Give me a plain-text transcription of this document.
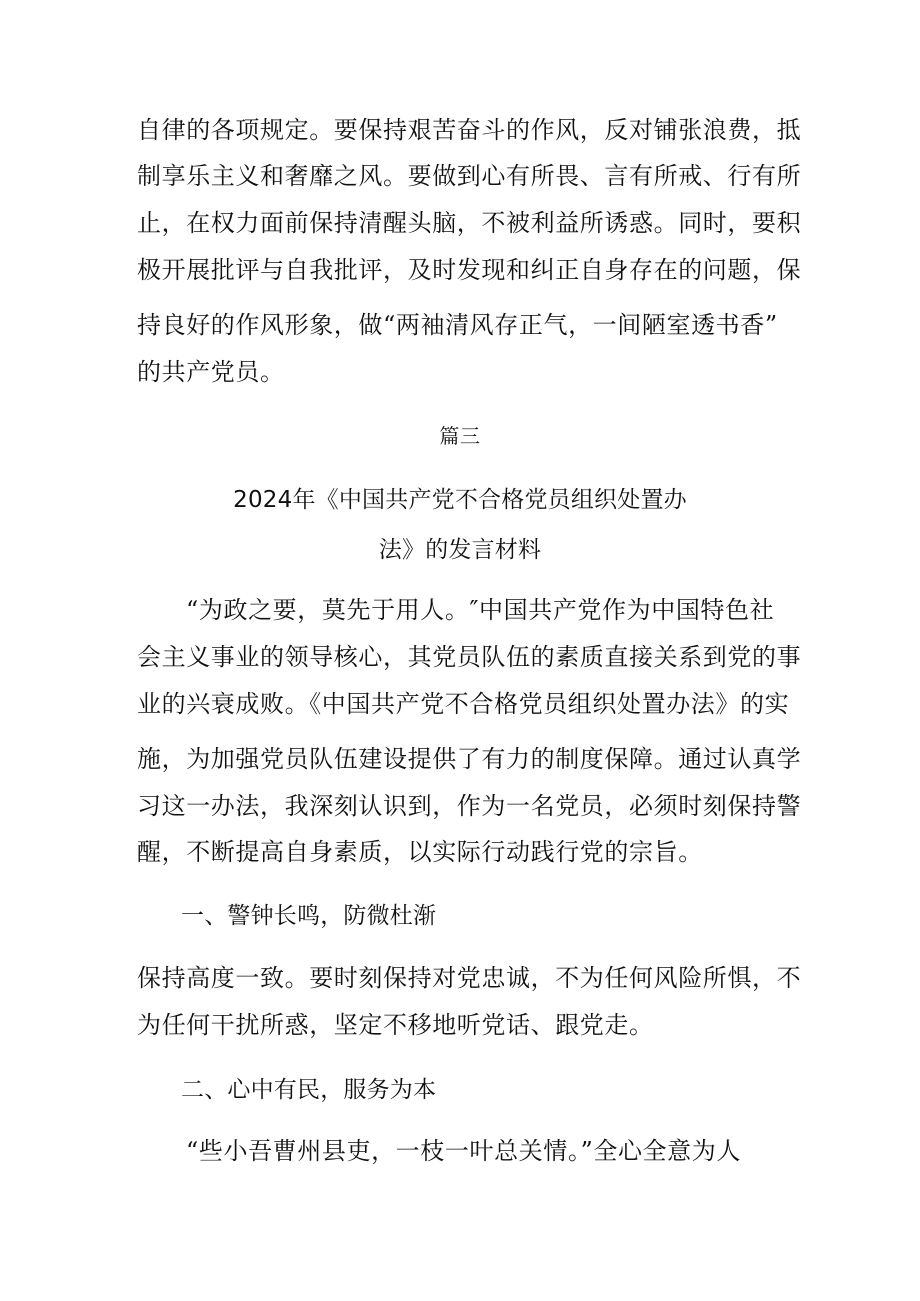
自律的各项规定。要保持艰苦奋斗的作风，反对铺张浪费，抵
制享乐主义和奢靡之风。要做到心有所畏、言有所戒、行有所
止，在权力面前保持清醒头脑，不被利益所诱惑。同时，要积
极开展批评与自我批评，及时发现和纠正自身存在的问题，保
持良好的作风形象，做“两袖清风存正气，一间陋室透书香”
的共产党员。
篇三
2024年《中国共产党不合格党员组织处置办
法》的发言材料
“为政之要，莫先于用人。″中国共产党作为中国特色社
会主义事业的领导核心，其党员队伍的素质直接关系到党的事
业的兴衰成败。《中国共产党不合格党员组织处置办法》的实
施，为加强党员队伍建设提供了有力的制度保障。通过认真学
习这一办法，我深刻认识到，作为一名党员，必须时刻保持警
醒，不断提高自身素质，以实际行动践行党的宗旨。
一、警钟长鸣，防微杜渐
保持高度一致。要时刻保持对党忠诚，不为任何风险所惧，不
为任何干扰所惑，坚定不移地听党话、跟党走。
二、心中有民，服务为本
“些小吾曹州县吏，一枝一叶总关情。”全心全意为人
